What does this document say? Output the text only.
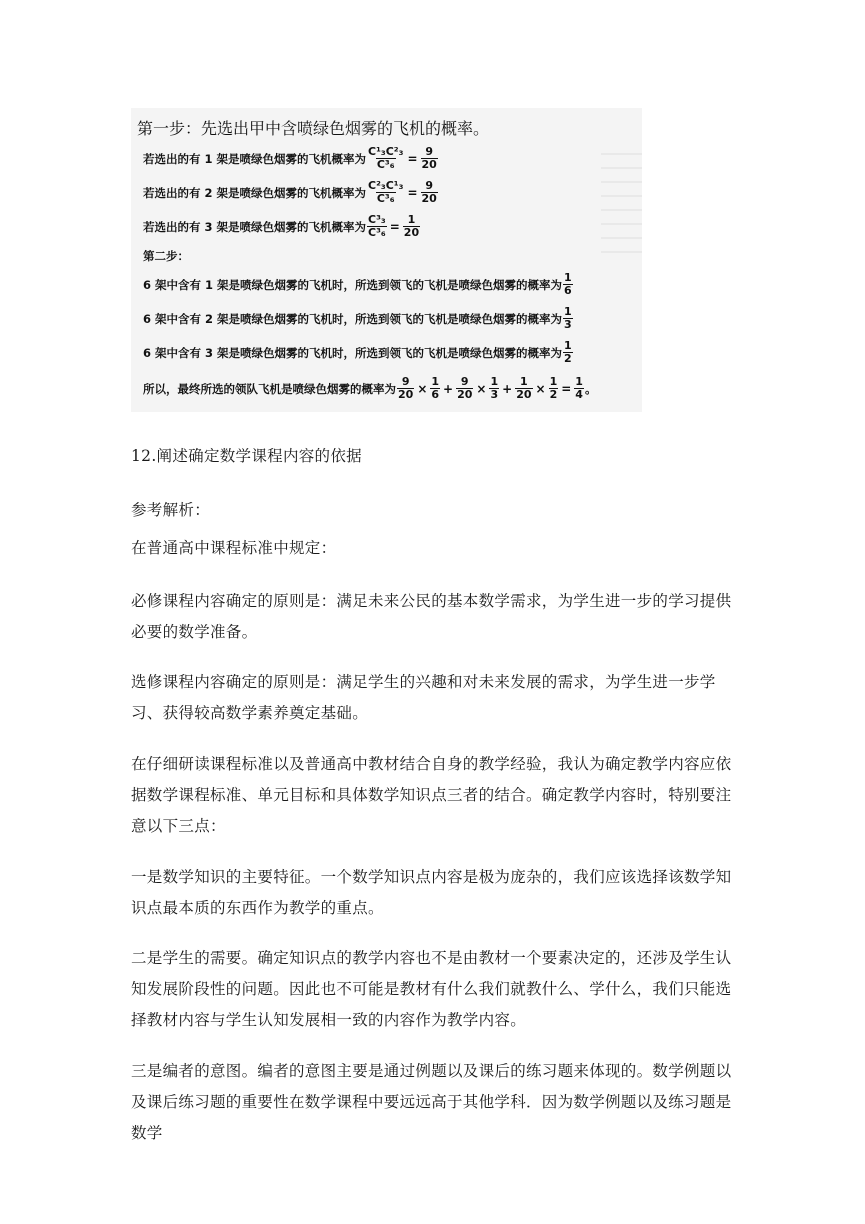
第一步：先选出甲中含喷绿色烟雾的飞机的概率。
若选出的有 1 架是喷绿色烟雾的飞机概率为 $\frac{\text{C¹₃C²₃}}{\text{C³₆}} = \frac{9}{20}$
若选出的有 2 架是喷绿色烟雾的飞机概率为 $\frac{\text{C²₃C¹₃}}{\text{C³₆}} = \frac{9}{20}$
若选出的有 3 架是喷绿色烟雾的飞机概率为 $\frac{\text{C³₃}}{\text{C³₆}} = \frac{1}{20}$
第二步：
6 架中含有 1 架是喷绿色烟雾的飞机时，所选到领飞的飞机是喷绿色烟雾的概率为 $\frac{1}{6}$
6 架中含有 2 架是喷绿色烟雾的飞机时，所选到领飞的飞机是喷绿色烟雾的概率为 $\frac{1}{3}$
6 架中含有 3 架是喷绿色烟雾的飞机时，所选到领飞的飞机是喷绿色烟雾的概率为 $\frac{1}{2}$
所以，最终所选的领队飞机是喷绿色烟雾的概率为 $\frac{9}{20} \times \frac{1}{6} + \frac{9}{20} \times \frac{1}{3} + \frac{1}{20} \times \frac{1}{2} = \frac{1}{4}$ 。

12.阐述确定数学课程内容的依据

参考解析：

在普通高中课程标准中规定：

必修课程内容确定的原则是：满足未来公民的基本数学需求，为学生进一步的学习提供必要的数学准备。

选修课程内容确定的原则是：满足学生的兴趣和对未来发展的需求，为学生进一步学习、获得较高数学素养奠定基础。

在仔细研读课程标准以及普通高中教材结合自身的教学经验，我认为确定教学内容应依据数学课程标准、单元目标和具体数学知识点三者的结合。确定教学内容时，特别要注意以下三点：

一是数学知识的主要特征。一个数学知识点内容是极为庞杂的，我们应该选择该数学知识点最本质的东西作为教学的重点。

二是学生的需要。确定知识点的教学内容也不是由教材一个要素决定的，还涉及学生认知发展阶段性的问题。因此也不可能是教材有什么我们就教什么、学什么，我们只能选择教材内容与学生认知发展相一致的内容作为教学内容。

三是编者的意图。编者的意图主要是通过例题以及课后的练习题来体现的。数学例题以及课后练习题的重要性在数学课程中要远远高于其他学科．因为数学例题以及练习题是数学
